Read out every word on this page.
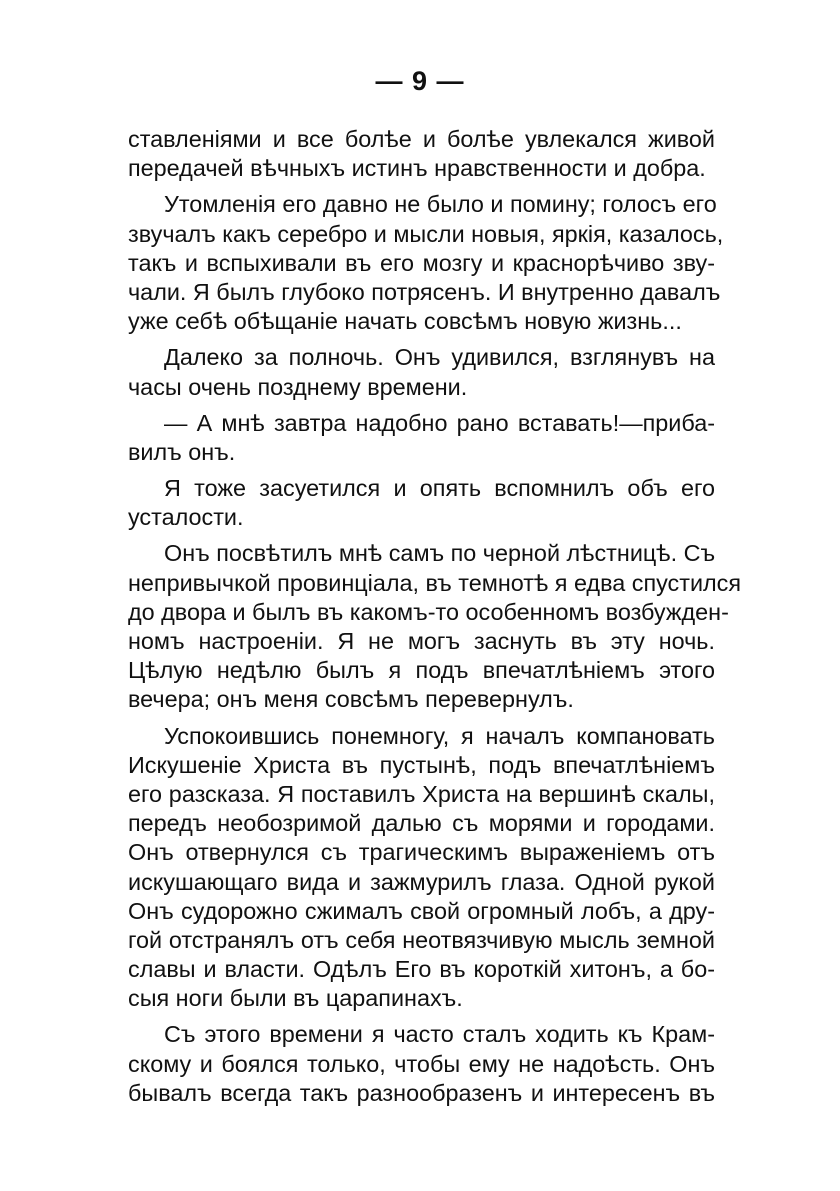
— 9 —
ставленіями и все болѣе и болѣе увлекался живой
передачей вѣчныхъ истинъ нравственности и добра.
Утомленія его давно не было и помину; голосъ его
звучалъ какъ серебро и мысли новыя, яркія, казалось,
такъ и вспыхивали въ его мозгу и краснорѣчиво зву-
чали. Я былъ глубоко потрясенъ. И внутренно давалъ
уже себѣ обѣщаніе начать совсѣмъ новую жизнь...
Далеко за полночь. Онъ удивился, взглянувъ на
часы очень позднему времени.
— А мнѣ завтра надобно рано вставать!—приба-
вилъ онъ.
Я тоже засуетился и опять вспомнилъ объ его
усталости.
Онъ посвѣтилъ мнѣ самъ по черной лѣстницѣ. Съ
непривычкой провинціала, въ темнотѣ я едва спустился
до двора и былъ въ какомъ-то особенномъ возбужден-
номъ настроеніи. Я не могъ заснуть въ эту ночь.
Цѣлую недѣлю былъ я подъ впечатлѣніемъ этого
вечера; онъ меня совсѣмъ перевернулъ.
Успокоившись понемногу, я началъ компановать
Искушеніе Христа въ пустынѣ, подъ впечатлѣніемъ
его разсказа. Я поставилъ Христа на вершинѣ скалы,
передъ необозримой далью съ морями и городами.
Онъ отвернулся съ трагическимъ выраженіемъ отъ
искушающаго вида и зажмурилъ глаза. Одной рукой
Онъ судорожно сжималъ свой огромный лобъ, а дру-
гой отстранялъ отъ себя неотвязчивую мысль земной
славы и власти. Одѣлъ Его въ короткій хитонъ, а бо-
сыя ноги были въ царапинахъ.
Съ этого времени я часто сталъ ходить къ Крам-
скому и боялся только, чтобы ему не надоѣсть. Онъ
бывалъ всегда такъ разнообразенъ и интересенъ въ
